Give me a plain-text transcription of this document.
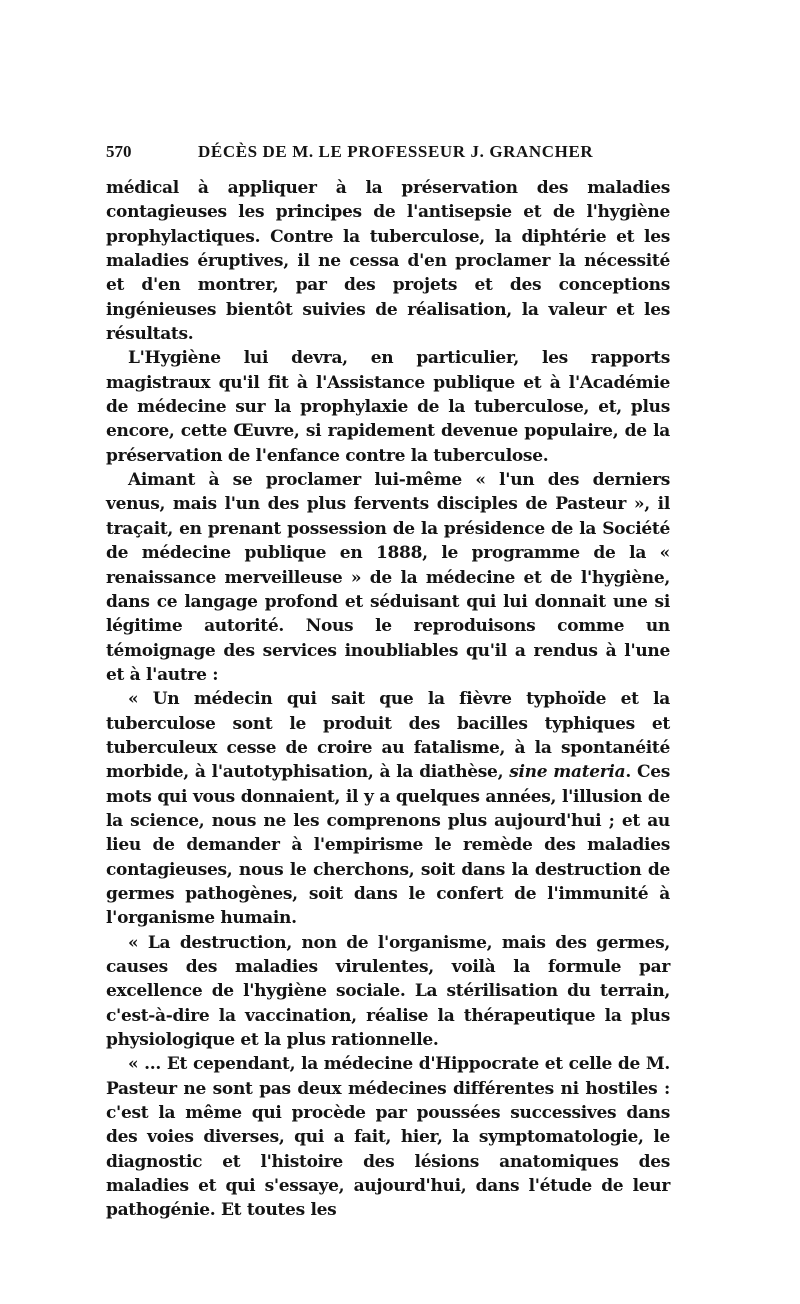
570	DÉCÈS DE M. LE PROFESSEUR J. GRANCHER

médical à appliquer à la préservation des maladies contagieuses les principes de l'antisepsie et de l'hygiène prophylactiques. Contre la tuberculose, la diphtérie et les maladies éruptives, il ne cessa d'en proclamer la nécessité et d'en montrer, par des projets et des conceptions ingénieuses bientôt suivies de réalisation, la valeur et les résultats.

L'Hygiène lui devra, en particulier, les rapports magistraux qu'il fit à l'Assistance publique et à l'Académie de médecine sur la prophylaxie de la tuberculose, et, plus encore, cette Œuvre, si rapidement devenue populaire, de la préservation de l'enfance contre la tuberculose.

Aimant à se proclamer lui-même « l'un des derniers venus, mais l'un des plus fervents disciples de Pasteur », il traçait, en prenant possession de la présidence de la Société de médecine publique en 1888, le programme de la « renaissance merveilleuse » de la médecine et de l'hygiène, dans ce langage profond et séduisant qui lui donnait une si légitime autorité. Nous le reproduisons comme un témoignage des services inoubliables qu'il a rendus à l'une et à l'autre :

« Un médecin qui sait que la fièvre typhoïde et la tuberculose sont le produit des bacilles typhiques et tuberculeux cesse de croire au fatalisme, à la spontanéité morbide, à l'autotyphisation, à la diathèse, sine materia. Ces mots qui vous donnaient, il y a quelques années, l'illusion de la science, nous ne les comprenons plus aujourd'hui ; et au lieu de demander à l'empirisme le remède des maladies contagieuses, nous le cherchons, soit dans la destruction de germes pathogènes, soit dans le confert de l'immunité à l'organisme humain.

« La destruction, non de l'organisme, mais des germes, causes des maladies virulentes, voilà la formule par excellence de l'hygiène sociale. La stérilisation du terrain, c'est-à-dire la vaccination, réalise la thérapeutique la plus physiologique et la plus rationnelle.

« ... Et cependant, la médecine d'Hippocrate et celle de M. Pasteur ne sont pas deux médecines différentes ni hostiles : c'est la même qui procède par poussées successives dans des voies diverses, qui a fait, hier, la symptomatologie, le diagnostic et l'histoire des lésions anatomiques des maladies et qui s'essaye, aujourd'hui, dans l'étude de leur pathogénie. Et toutes les
